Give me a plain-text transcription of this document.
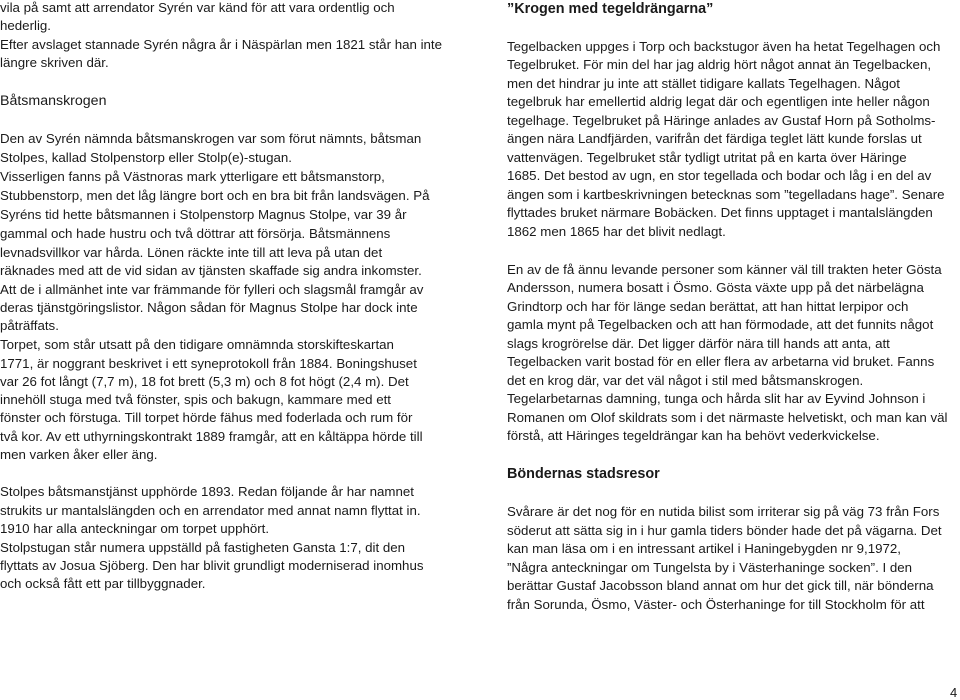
vila på samt att arrendator Syrén var känd för att vara ordentlig och
hederlig.
Efter avslaget stannade Syrén några år i Näspärlan men 1821 står han inte
längre skriven där.
Båtsmanskrogen
Den av Syrén nämnda båtsmanskrogen var som förut nämnts, båtsman
Stolpes, kallad Stolpenstorp eller Stolp(e)-stugan.
Visserligen fanns på Västnoras mark ytterligare ett båtsmanstorp,
Stubbenstorp, men det låg längre bort och en bra bit från landsvägen. På
Syréns tid hette båtsmannen i Stolpenstorp Magnus Stolpe, var 39 år
gammal och hade hustru och två döttrar att försörja. Båtsmännens
levnadsvillkor var hårda. Lönen räckte inte till att leva på utan det
räknades med att de vid sidan av tjänsten skaffade sig andra inkomster.
Att de i allmänhet inte var främmande för fylleri och slagsmål framgår av
deras tjänstgöringslistor. Någon sådan för Magnus Stolpe har dock inte
påträffats.
Torpet, som står utsatt på den tidigare omnämnda storskifteskartan
1771, är noggrant beskrivet i ett syneprotokoll från 1884. Boningshuset
var 26 fot långt (7,7 m), 18 fot brett (5,3 m) och 8 fot högt (2,4 m). Det
innehöll stuga med två fönster, spis och bakugn, kammare med ett
fönster och förstuga. Till torpet hörde fähus med foderlada och rum för
två kor. Av ett uthyrningskontrakt 1889 framgår, att en kåltäppa hörde till
men varken åker eller äng.
Stolpes båtsmanstjänst upphörde 1893. Redan följande år har namnet
strukits ur mantalslängden och en arrendator med annat namn flyttat in.
1910 har alla anteckningar om torpet upphört.
Stolpstugan står numera uppställd på fastigheten Gansta 1:7, dit den
flyttats av Josua Sjöberg. Den har blivit grundligt moderniserad inomhus
och också fått ett par tillbyggnader.
”Krogen med tegeldrängarna”
Tegelbacken uppges i Torp och backstugor även ha hetat Tegelhagen och
Tegelbruket. För min del har jag aldrig hört något annat än Tegelbacken,
men det hindrar ju inte att stället tidigare kallats Tegelhagen. Något
tegelbruk har emellertid aldrig legat där och egentligen inte heller någon
tegelhage. Tegelbruket på Häringe anlades av Gustaf Horn på Sotholms-
ängen nära Landfjärden, varifrån det färdiga teglet lätt kunde forslas ut
vattenvägen. Tegelbruket står tydligt utritat på en karta över Häringe
1685. Det bestod av ugn, en stor tegellada och bodar och låg i en del av
ängen som i kartbeskrivningen betecknas som ”tegelladans hage”. Senare
flyttades bruket närmare Bobäcken. Det finns upptaget i mantalslängden
1862 men 1865 har det blivit nedlagt.
En av de få ännu levande personer som känner väl till trakten heter Gösta
Andersson, numera bosatt i Ösmo. Gösta växte upp på det närbelägna
Grindtorp och har för länge sedan berättat, att han hittat lerpipor och
gamla mynt på Tegelbacken och att han förmodade, att det funnits något
slags krogrörelse där. Det ligger därför nära till hands att anta, att
Tegelbacken varit bostad för en eller flera av arbetarna vid bruket. Fanns
det en krog där, var det väl något i stil med båtsmanskrogen.
Tegelarbetarnas damning, tunga och hårda slit har av Eyvind Johnson i
Romanen om Olof skildrats som i det närmaste helvetiskt, och man kan väl
förstå, att Häringes tegeldrängar kan ha behövt vederkvickelse.
Böndernas stadsresor
Svårare är det nog för en nutida bilist som irriterar sig på väg 73 från Fors
söderut att sätta sig in i hur gamla tiders bönder hade det på vägarna. Det
kan man läsa om i en intressant artikel i Haningebygden nr 9,1972,
”Några anteckningar om Tungelsta by i Västerhaninge socken”. I den
berättar Gustaf Jacobsson bland annat om hur det gick till, när bönderna
från Sorunda, Ösmo, Väster- och Österhaninge for till Stockholm för att
4
